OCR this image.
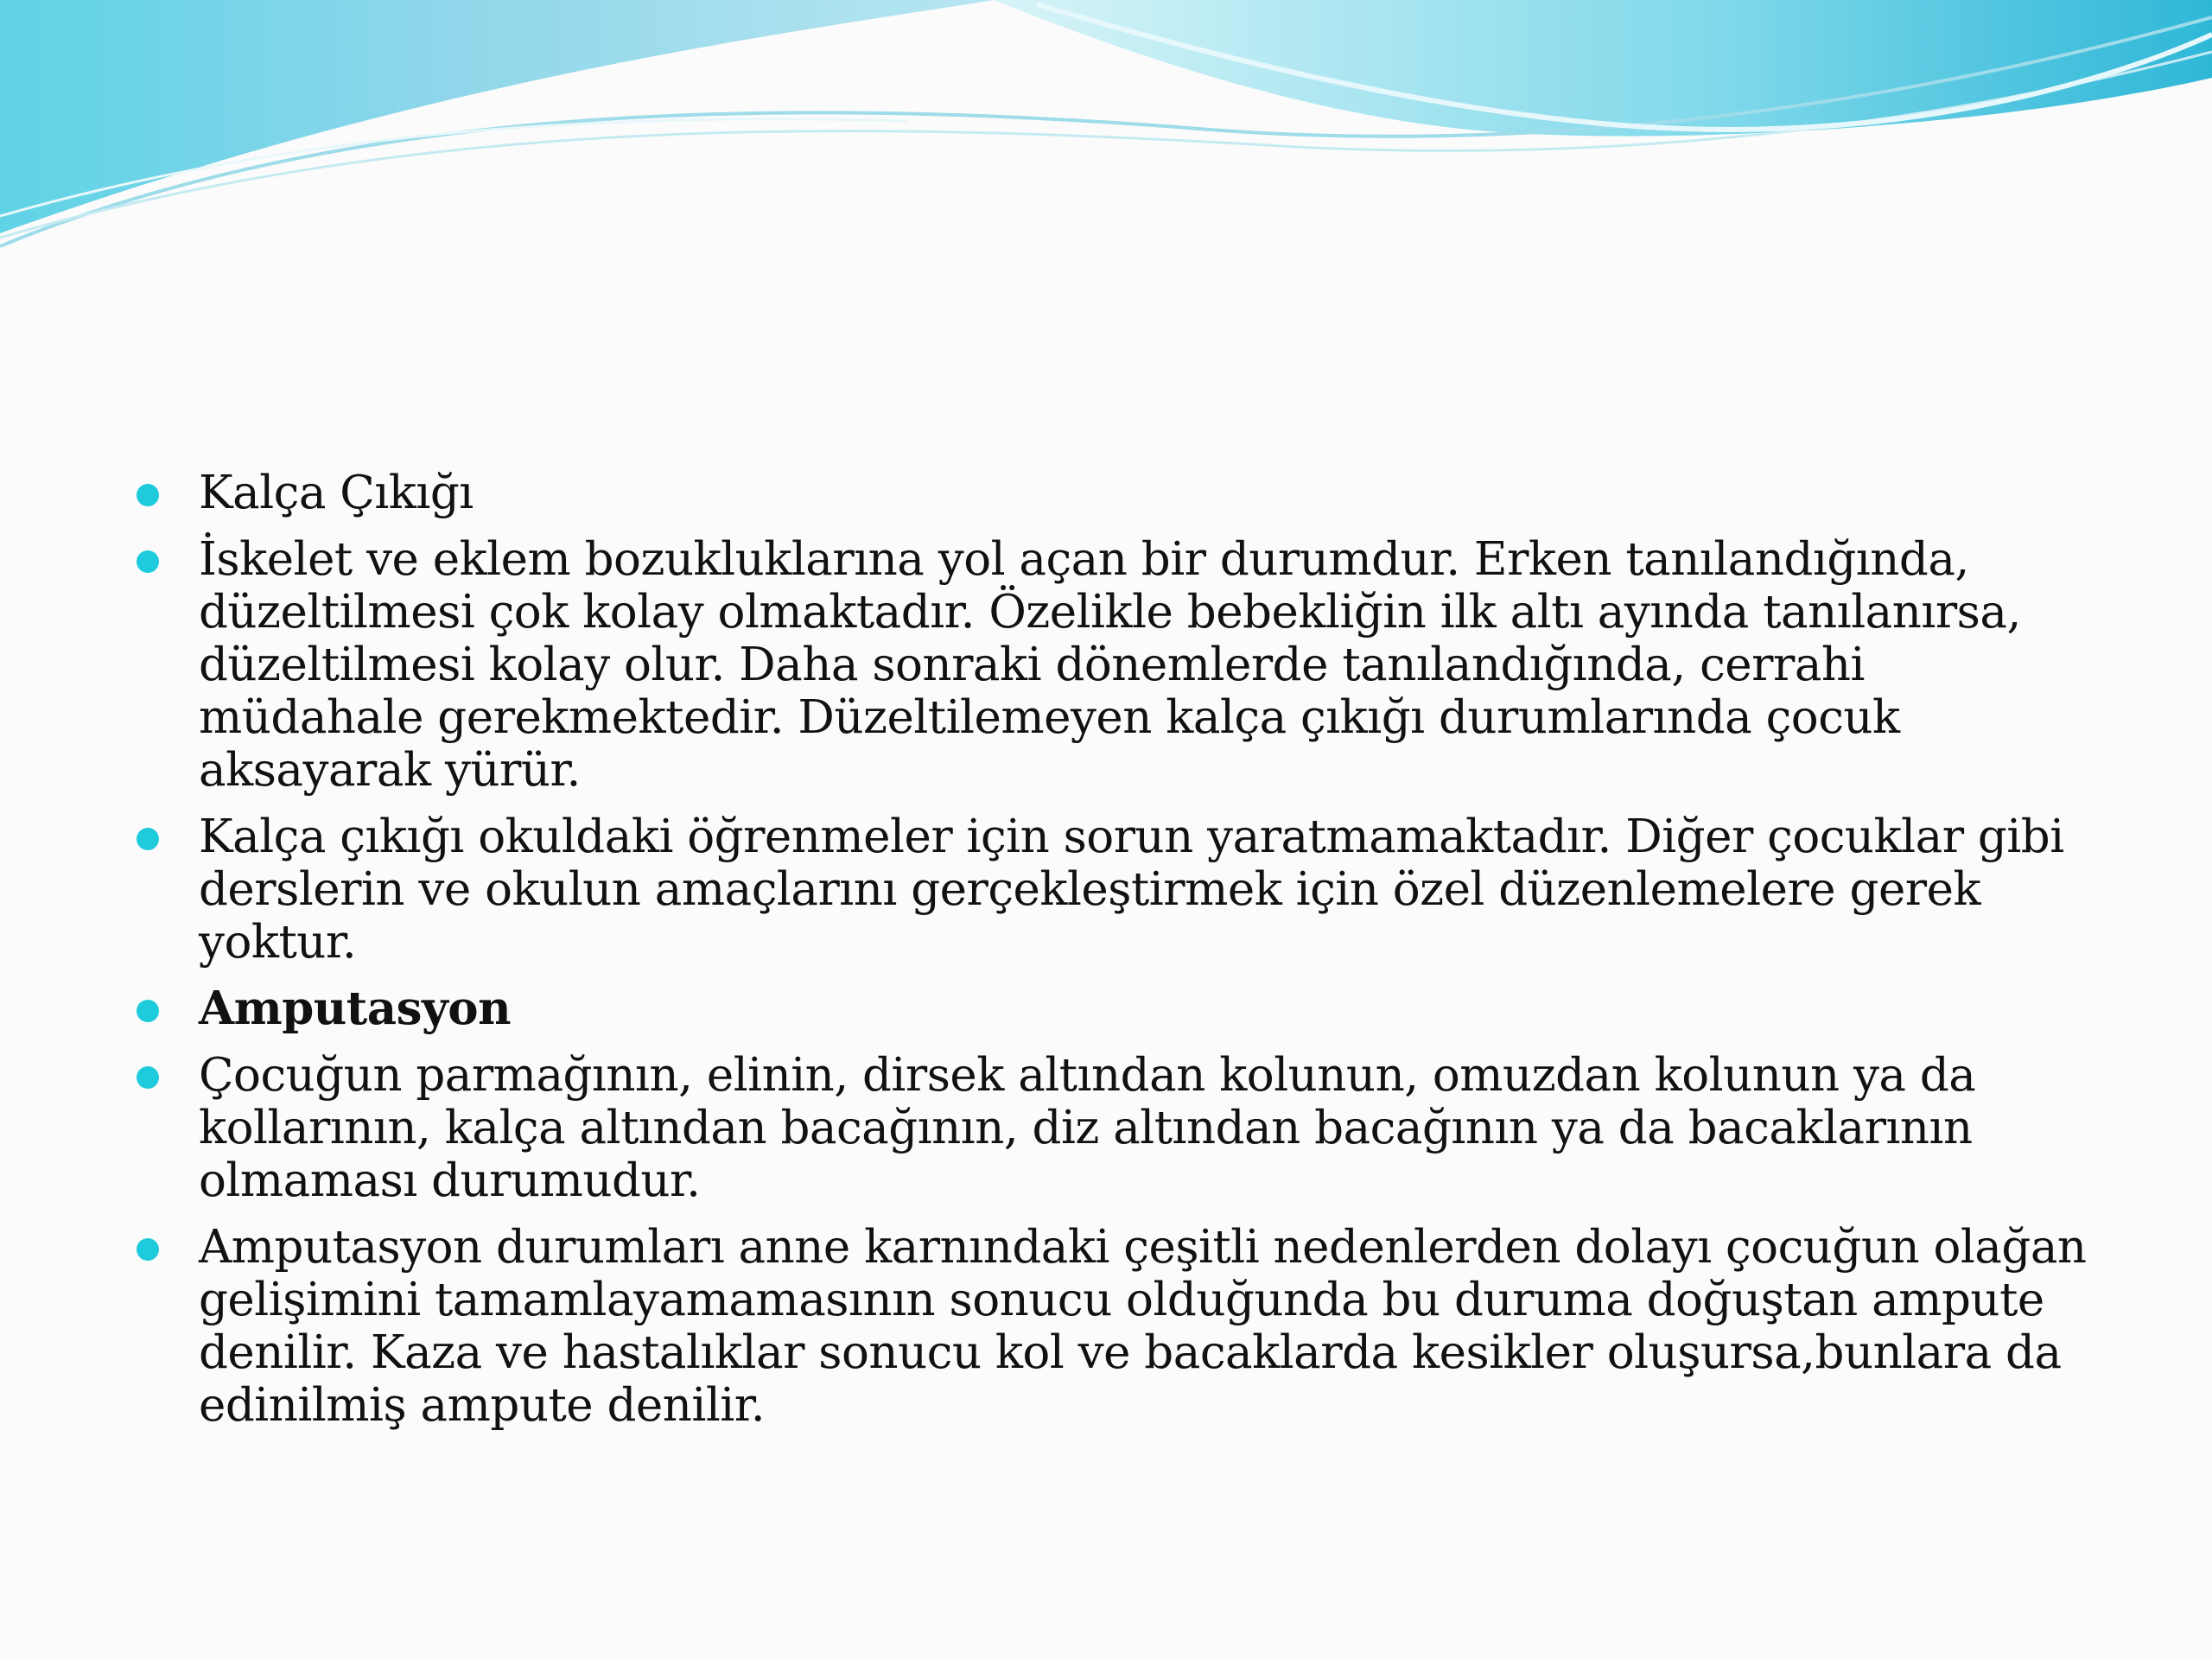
Kalça Çıkığı
İskelet ve eklem bozukluklarına yol açan bir durumdur. Erken tanılandığında, düzeltilmesi çok kolay olmaktadır. Özelikle bebekliğin ilk altı ayında tanılanırsa, düzeltilmesi kolay olur. Daha sonraki dönemlerde tanılandığında, cerrahi müdahale gerekmektedir. Düzeltilemeyen kalça çıkığı durumlarında çocuk aksayarak yürür.
Kalça çıkığı okuldaki öğrenmeler için sorun yaratmamaktadır. Diğer çocuklar gibi derslerin ve okulun amaçlarını gerçekleştirmek için özel düzenlemelere gerek yoktur.
Amputasyon
Çocuğun parmağının, elinin, dirsek altından kolunun, omuzdan kolunun ya da kollarının, kalça altından bacağının, diz altından bacağının ya da bacaklarının olmaması durumudur.
Amputasyon durumları anne karnındaki çeşitli nedenlerden dolayı çocuğun olağan gelişimini tamamlayamamasının sonucu olduğunda bu duruma doğuştan ampute denilir. Kaza ve hastalıklar sonucu kol ve bacaklarda kesikler oluşursa,bunlara da edinilmiş ampute denilir.
